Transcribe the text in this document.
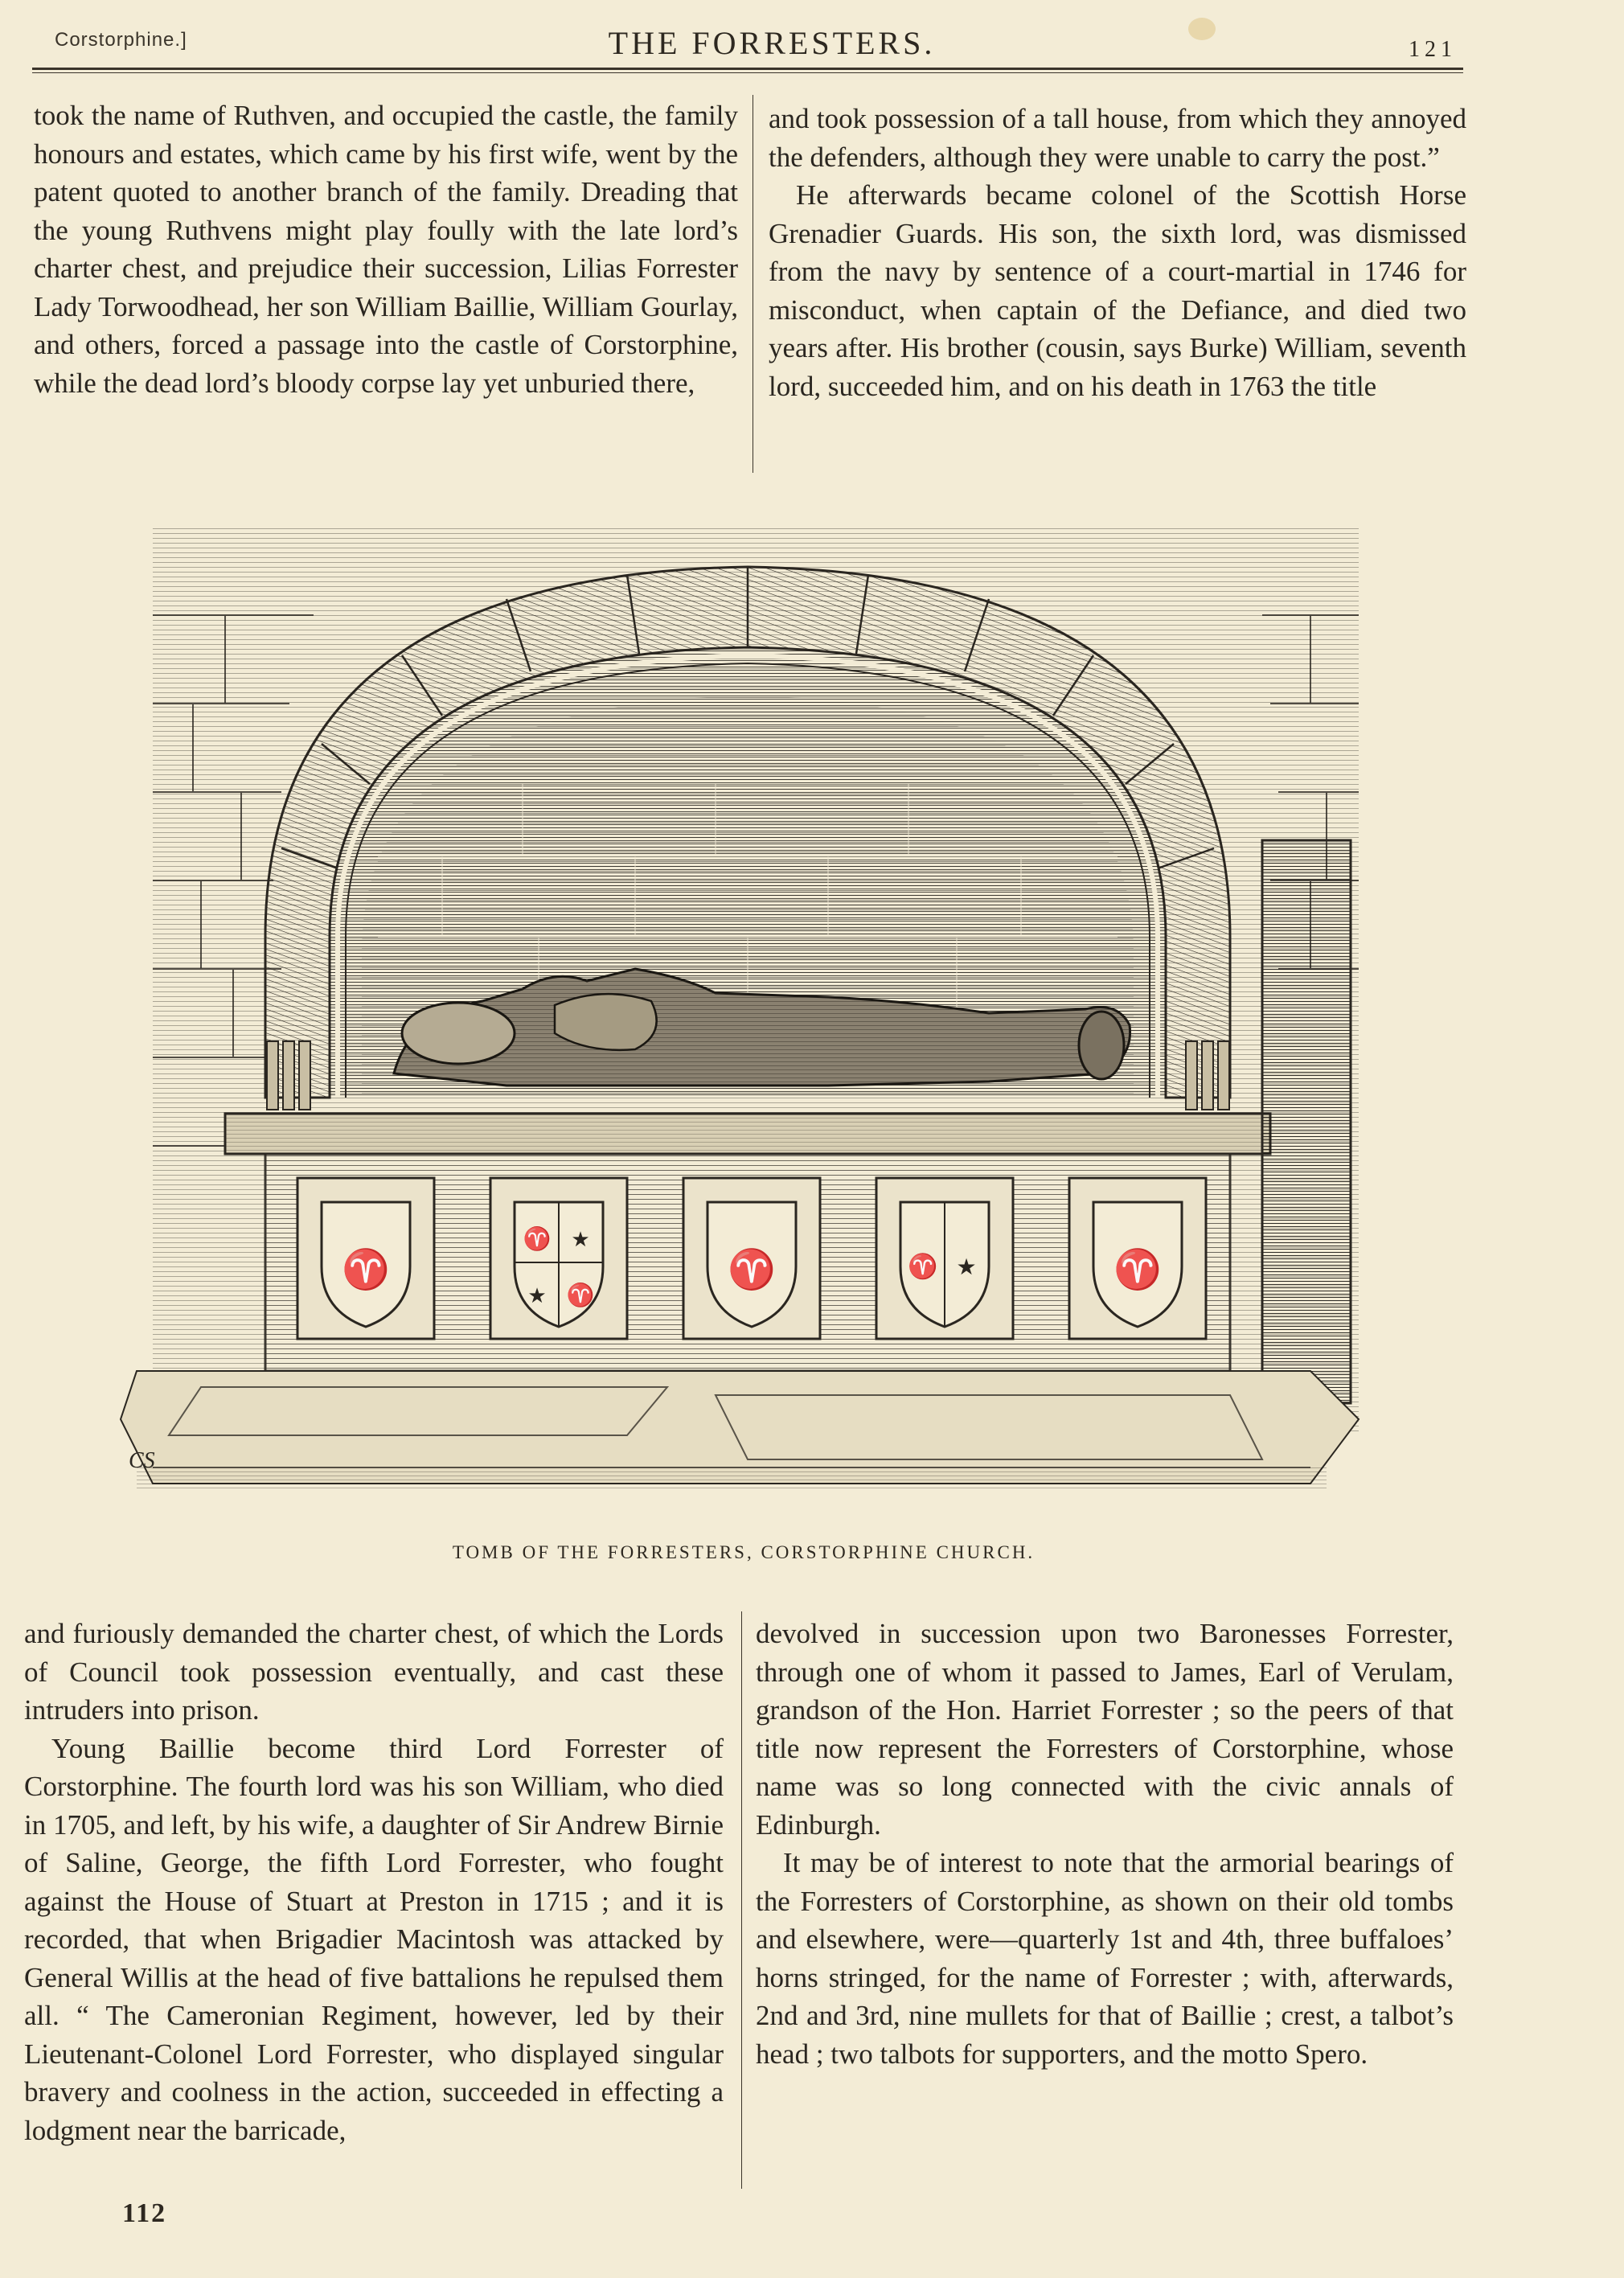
Corstorphine.]	THE FORRESTERS.	121

took the name of Ruthven, and occupied the castle, the family honours and estates, which came by his first wife, went by the patent quoted to another branch of the family. Dreading that the young Ruthvens might play foully with the late lord’s charter chest, and prejudice their succession, Lilias Forrester Lady Torwoodhead, her son William Baillie, William Gourlay, and others, forced a passage into the castle of Corstorphine, while the dead lord’s bloody corpse lay yet unburied there,

and took possession of a tall house, from which they annoyed the defenders, although they were unable to carry the post.”

He afterwards became colonel of the Scottish Horse Grenadier Guards. His son, the sixth lord, was dismissed from the navy by sentence of a court-martial in 1746 for misconduct, when captain of the Defiance, and died two years after. His brother (cousin, says Burke) William, seventh lord, succeeded him, and on his death in 1763 the title

♈
♈ ★
★ ♈
♈	♈ ★	♈
CS
TOMB OF THE FORRESTERS, CORSTORPHINE CHURCH.

and furiously demanded the charter chest, of which the Lords of Council took possession eventually, and cast these intruders into prison.

Young Baillie become third Lord Forrester of Corstorphine. The fourth lord was his son William, who died in 1705, and left, by his wife, a daughter of Sir Andrew Birnie of Saline, George, the fifth Lord Forrester, who fought against the House of Stuart at Preston in 1715 ; and it is recorded, that when Brigadier Macintosh was attacked by General Willis at the head of five battalions he repulsed them all. “ The Cameronian Regiment, however, led by their Lieutenant-Colonel Lord Forrester, who displayed singular bravery and coolness in the action, succeeded in effecting a lodgment near the barricade,

devolved in succession upon two Baronesses Forrester, through one of whom it passed to James, Earl of Verulam, grandson of the Hon. Harriet Forrester ; so the peers of that title now represent the Forresters of Corstorphine, whose name was so long connected with the civic annals of Edinburgh.

It may be of interest to note that the armorial bearings of the Forresters of Corstorphine, as shown on their old tombs and elsewhere, were—quarterly 1st and 4th, three buffaloes’ horns stringed, for the name of Forrester ; with, afterwards, 2nd and 3rd, nine mullets for that of Baillie ; crest, a talbot’s head ; two talbots for supporters, and the motto Spero.

112
